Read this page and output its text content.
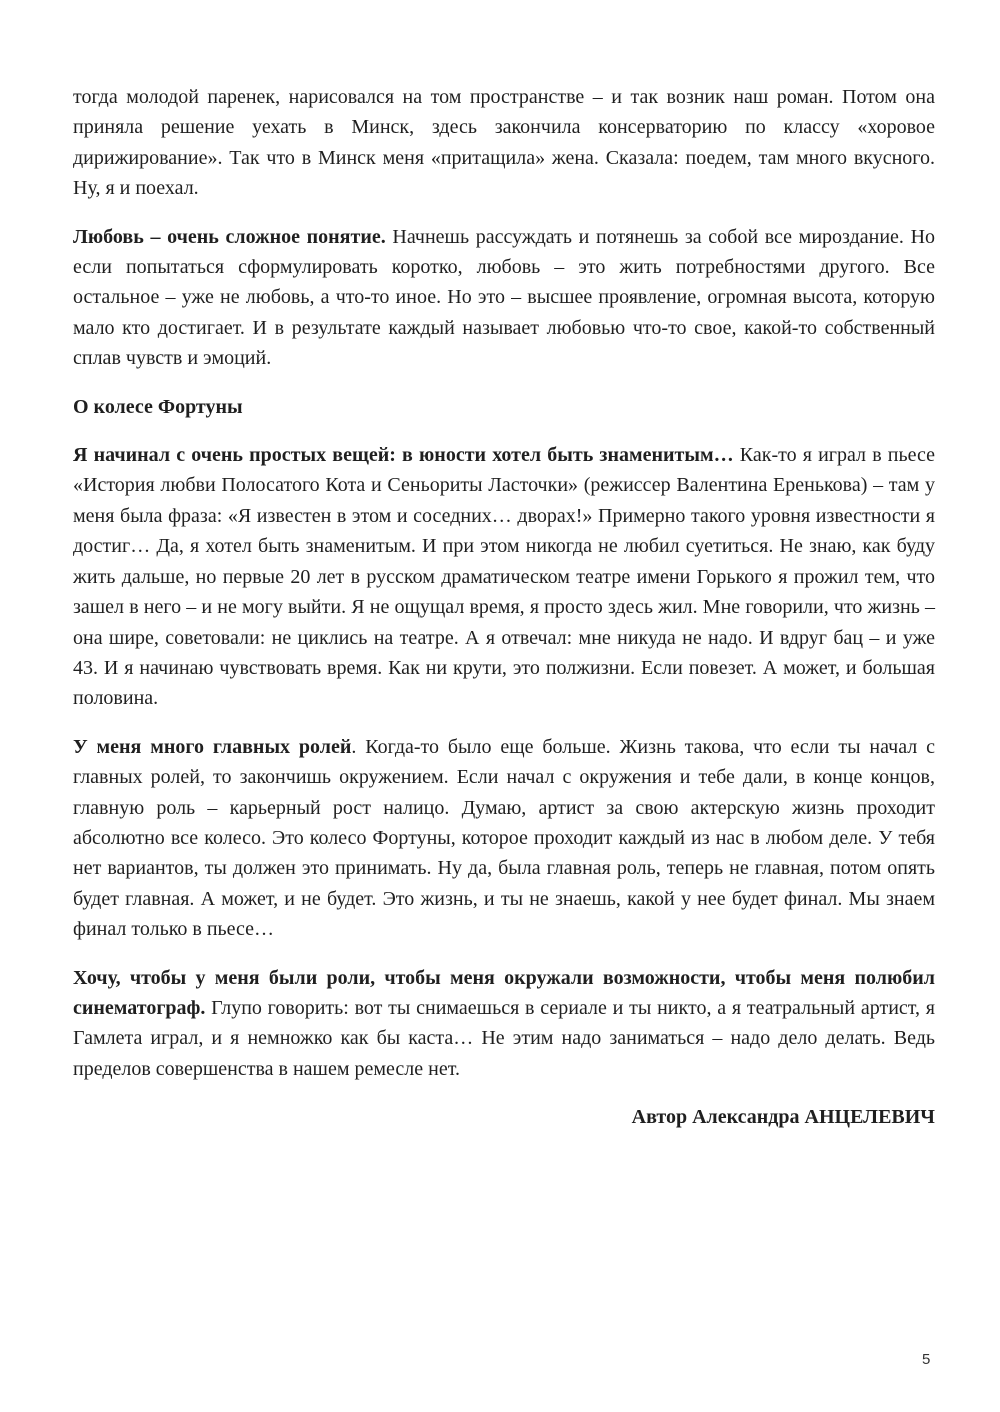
тогда молодой паренек, нарисовался на том пространстве – и так возник наш роман. Потом она приняла решение уехать в Минск, здесь закончила консерваторию по классу «хоровое дирижирование». Так что в Минск меня «притащила» жена. Сказала: поедем, там много вкусного. Ну, я и поехал.

Любовь – очень сложное понятие. Начнешь рассуждать и потянешь за собой все мироздание. Но если попытаться сформулировать коротко, любовь – это жить потребностями другого. Все остальное – уже не любовь, а что-то иное. Но это – высшее проявление, огромная высота, которую мало кто достигает. И в результате каждый называет любовью что-то свое, какой-то собственный сплав чувств и эмоций.

О колесе Фортуны

Я начинал с очень простых вещей: в юности хотел быть знаменитым… Как-то я играл в пьесе «История любви Полосатого Кота и Сеньориты Ласточки» (режиссер Валентина Еренькова) – там у меня была фраза: «Я известен в этом и соседних… дворах!» Примерно такого уровня известности я достиг… Да, я хотел быть знаменитым. И при этом никогда не любил суетиться. Не знаю, как буду жить дальше, но первые 20 лет в русском драматическом театре имени Горького я прожил тем, что зашел в него – и не могу выйти. Я не ощущал время, я просто здесь жил. Мне говорили, что жизнь – она шире, советовали: не циклись на театре. А я отвечал: мне никуда не надо. И вдруг бац – и уже 43. И я начинаю чувствовать время. Как ни крути, это полжизни. Если повезет. А может, и большая половина.

У меня много главных ролей. Когда-то было еще больше. Жизнь такова, что если ты начал с главных ролей, то закончишь окружением. Если начал с окружения и тебе дали, в конце концов, главную роль – карьерный рост налицо. Думаю, артист за свою актерскую жизнь проходит абсолютно все колесо. Это колесо Фортуны, которое проходит каждый из нас в любом деле. У тебя нет вариантов, ты должен это принимать. Ну да, была главная роль, теперь не главная, потом опять будет главная. А может, и не будет. Это жизнь, и ты не знаешь, какой у нее будет финал. Мы знаем финал только в пьесе…

Хочу, чтобы у меня были роли, чтобы меня окружали возможности, чтобы меня полюбил синематограф. Глупо говорить: вот ты снимаешься в сериале и ты никто, а я театральный артист, я Гамлета играл, и я немножко как бы каста… Не этим надо заниматься – надо дело делать. Ведь пределов совершенства в нашем ремесле нет.

Автор Александра АНЦЕЛЕВИЧ

5
